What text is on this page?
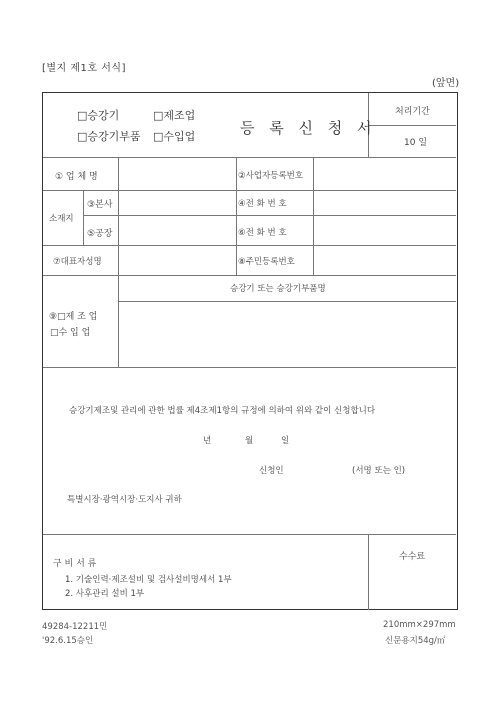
[별지 제1호 서식]
(앞면)
□승강기	□제조업
□승강기부품 □수입업	등 록 신 청 서
처리기간
10 일
① 업 체 명	②사업자등록번호
소재지
③본사	④전 화 번 호
⑤공장	⑥전 화 번 호
⑦대표자성명	⑧주민등록번호
⑨□제 조 업
□수 입 업
승강기 또는 승강기부품명
승강기제조및 관리에 관한 법률 제4조제1항의 규정에 의하여 위와 같이 신청합니다
년	월	일
신청인	(서명 또는 인)
특별시장·광역시장·도지사 귀하
구 비 서 류
1. 기술인력·제조설비 및 검사설비명세서 1부
2. 사후관리 설비 1부
수수료
49284-12211민
'92.6.15승인
210mm×297mm
신문용지54g/㎡
